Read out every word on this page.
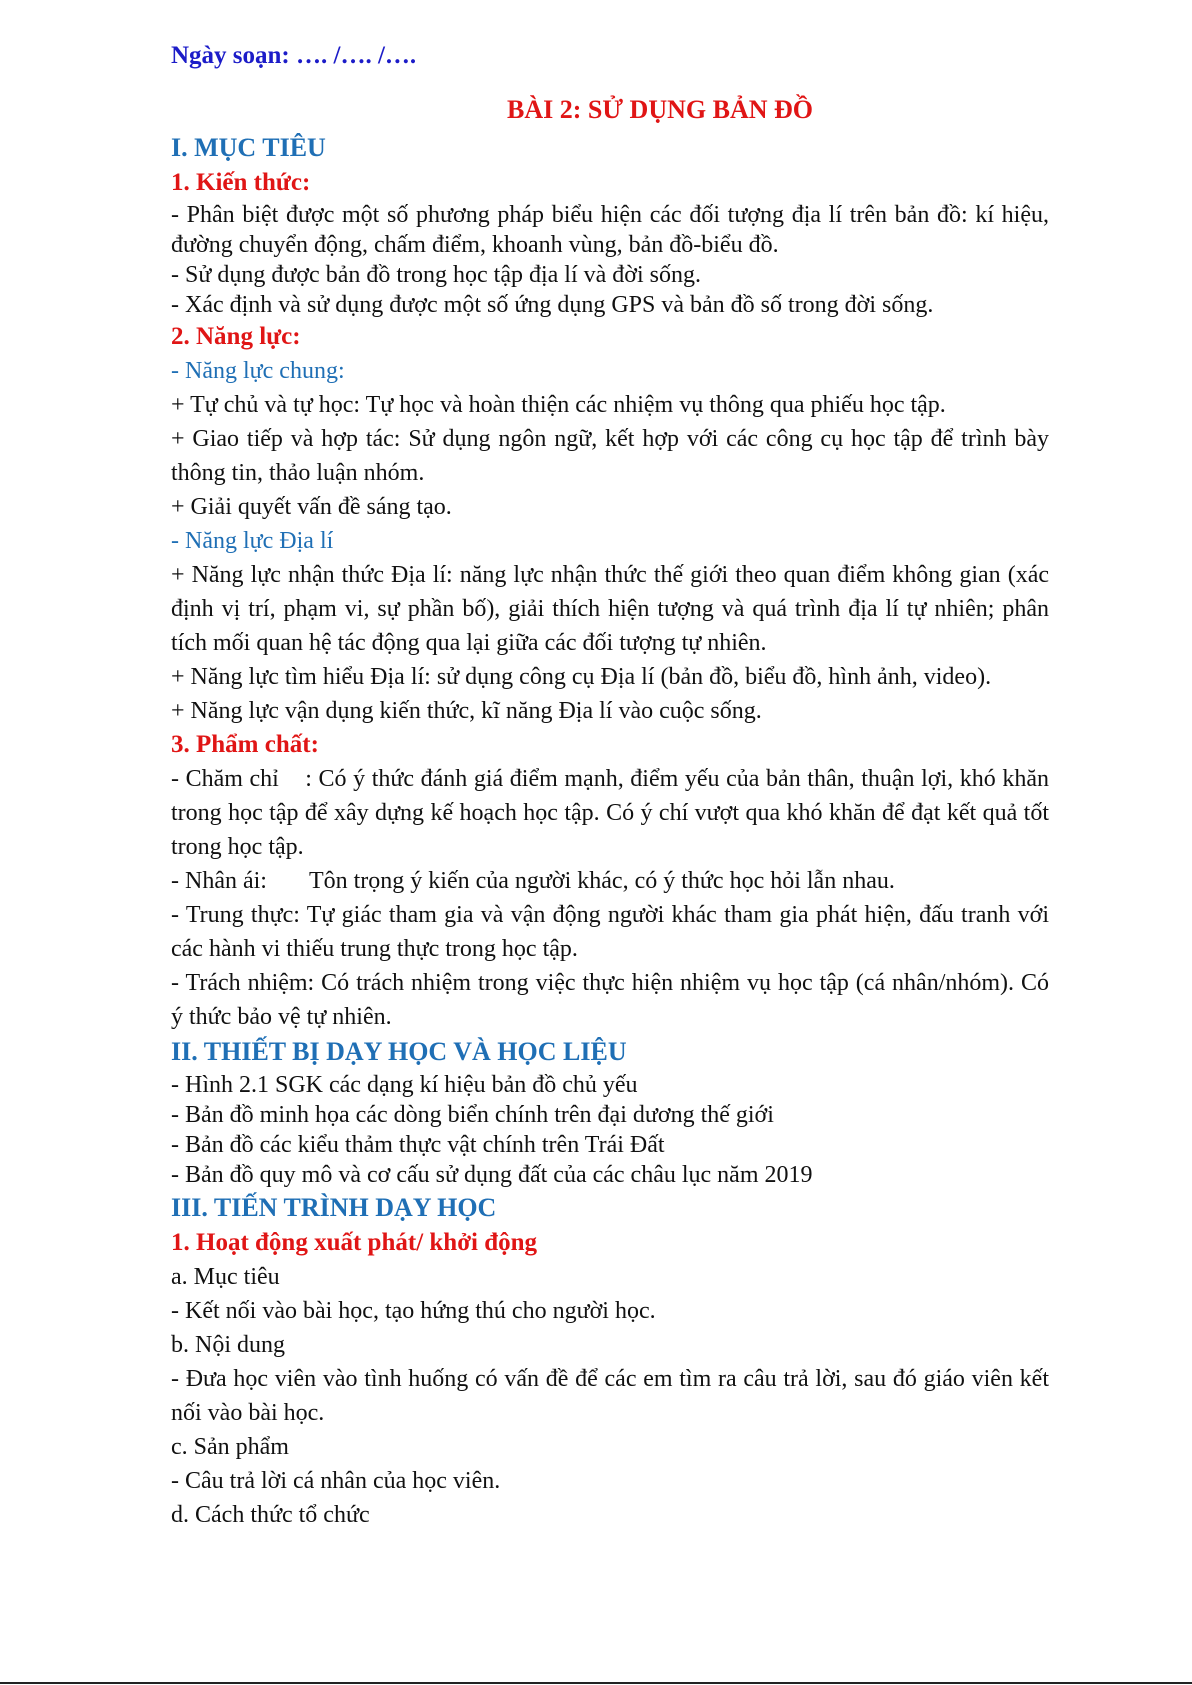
Ngày soạn: …. /…. /….
BÀI 2: SỬ DỤNG BẢN ĐỒ
I. MỤC TIÊU
1. Kiến thức:

- Phân biệt được một số phương pháp biểu hiện các đối tượng địa lí trên bản đồ: kí hiệu, đường chuyển động, chấm điểm, khoanh vùng, bản đồ-biểu đồ.

- Sử dụng được bản đồ trong học tập địa lí và đời sống.

- Xác định và sử dụng được một số ứng dụng GPS và bản đồ số trong đời sống.

2. Năng lực:
- Năng lực chung:

+ Tự chủ và tự học: Tự học và hoàn thiện các nhiệm vụ thông qua phiếu học tập.

+ Giao tiếp và hợp tác: Sử dụng ngôn ngữ, kết hợp với các công cụ học tập để trình bày thông tin, thảo luận nhóm.

+ Giải quyết vấn đề sáng tạo.

- Năng lực Địa lí

+ Năng lực nhận thức Địa lí: năng lực nhận thức thế giới theo quan điểm không gian (xác định vị trí, phạm vi, sự phần bố), giải thích hiện tượng và quá trình địa lí tự nhiên; phân tích mối quan hệ tác động qua lại giữa các đối tượng tự nhiên.

+ Năng lực tìm hiểu Địa lí: sử dụng công cụ Địa lí (bản đồ, biểu đồ, hình ảnh, video).

+ Năng lực vận dụng kiến thức, kĩ năng Địa lí vào cuộc sống.

3. Phẩm chất:

- Chăm chỉ    : Có ý thức đánh giá điểm mạnh, điểm yếu của bản thân, thuận lợi, khó khăn trong học tập để xây dựng kế hoạch học tập. Có ý chí vượt qua khó khăn để đạt kết quả tốt trong học tập.

- Nhân ái:       Tôn trọng ý kiến của người khác, có ý thức học hỏi lẫn nhau.

- Trung thực: Tự giác tham gia và vận động người khác tham gia phát hiện, đấu tranh với các hành vi thiếu trung thực trong học tập.

- Trách nhiệm: Có trách nhiệm trong việc thực hiện nhiệm vụ học tập (cá nhân/nhóm). Có ý thức bảo vệ tự nhiên.

II. THIẾT BỊ DẠY HỌC VÀ HỌC LIỆU

- Hình 2.1 SGK các dạng kí hiệu bản đồ chủ yếu

- Bản đồ minh họa các dòng biển chính trên đại dương thế giới

- Bản đồ các kiểu thảm thực vật chính trên Trái Đất

- Bản đồ quy mô và cơ cấu sử dụng đất của các châu lục năm 2019

III. TIẾN TRÌNH DẠY HỌC
1. Hoạt động xuất phát/ khởi động

a. Mục tiêu

- Kết nối vào bài học, tạo hứng thú cho người học.

b. Nội dung

- Đưa học viên vào tình huống có vấn đề để các em tìm ra câu trả lời, sau đó giáo viên kết nối vào bài học.

c. Sản phẩm

- Câu trả lời cá nhân của học viên.

d. Cách thức tổ chức
